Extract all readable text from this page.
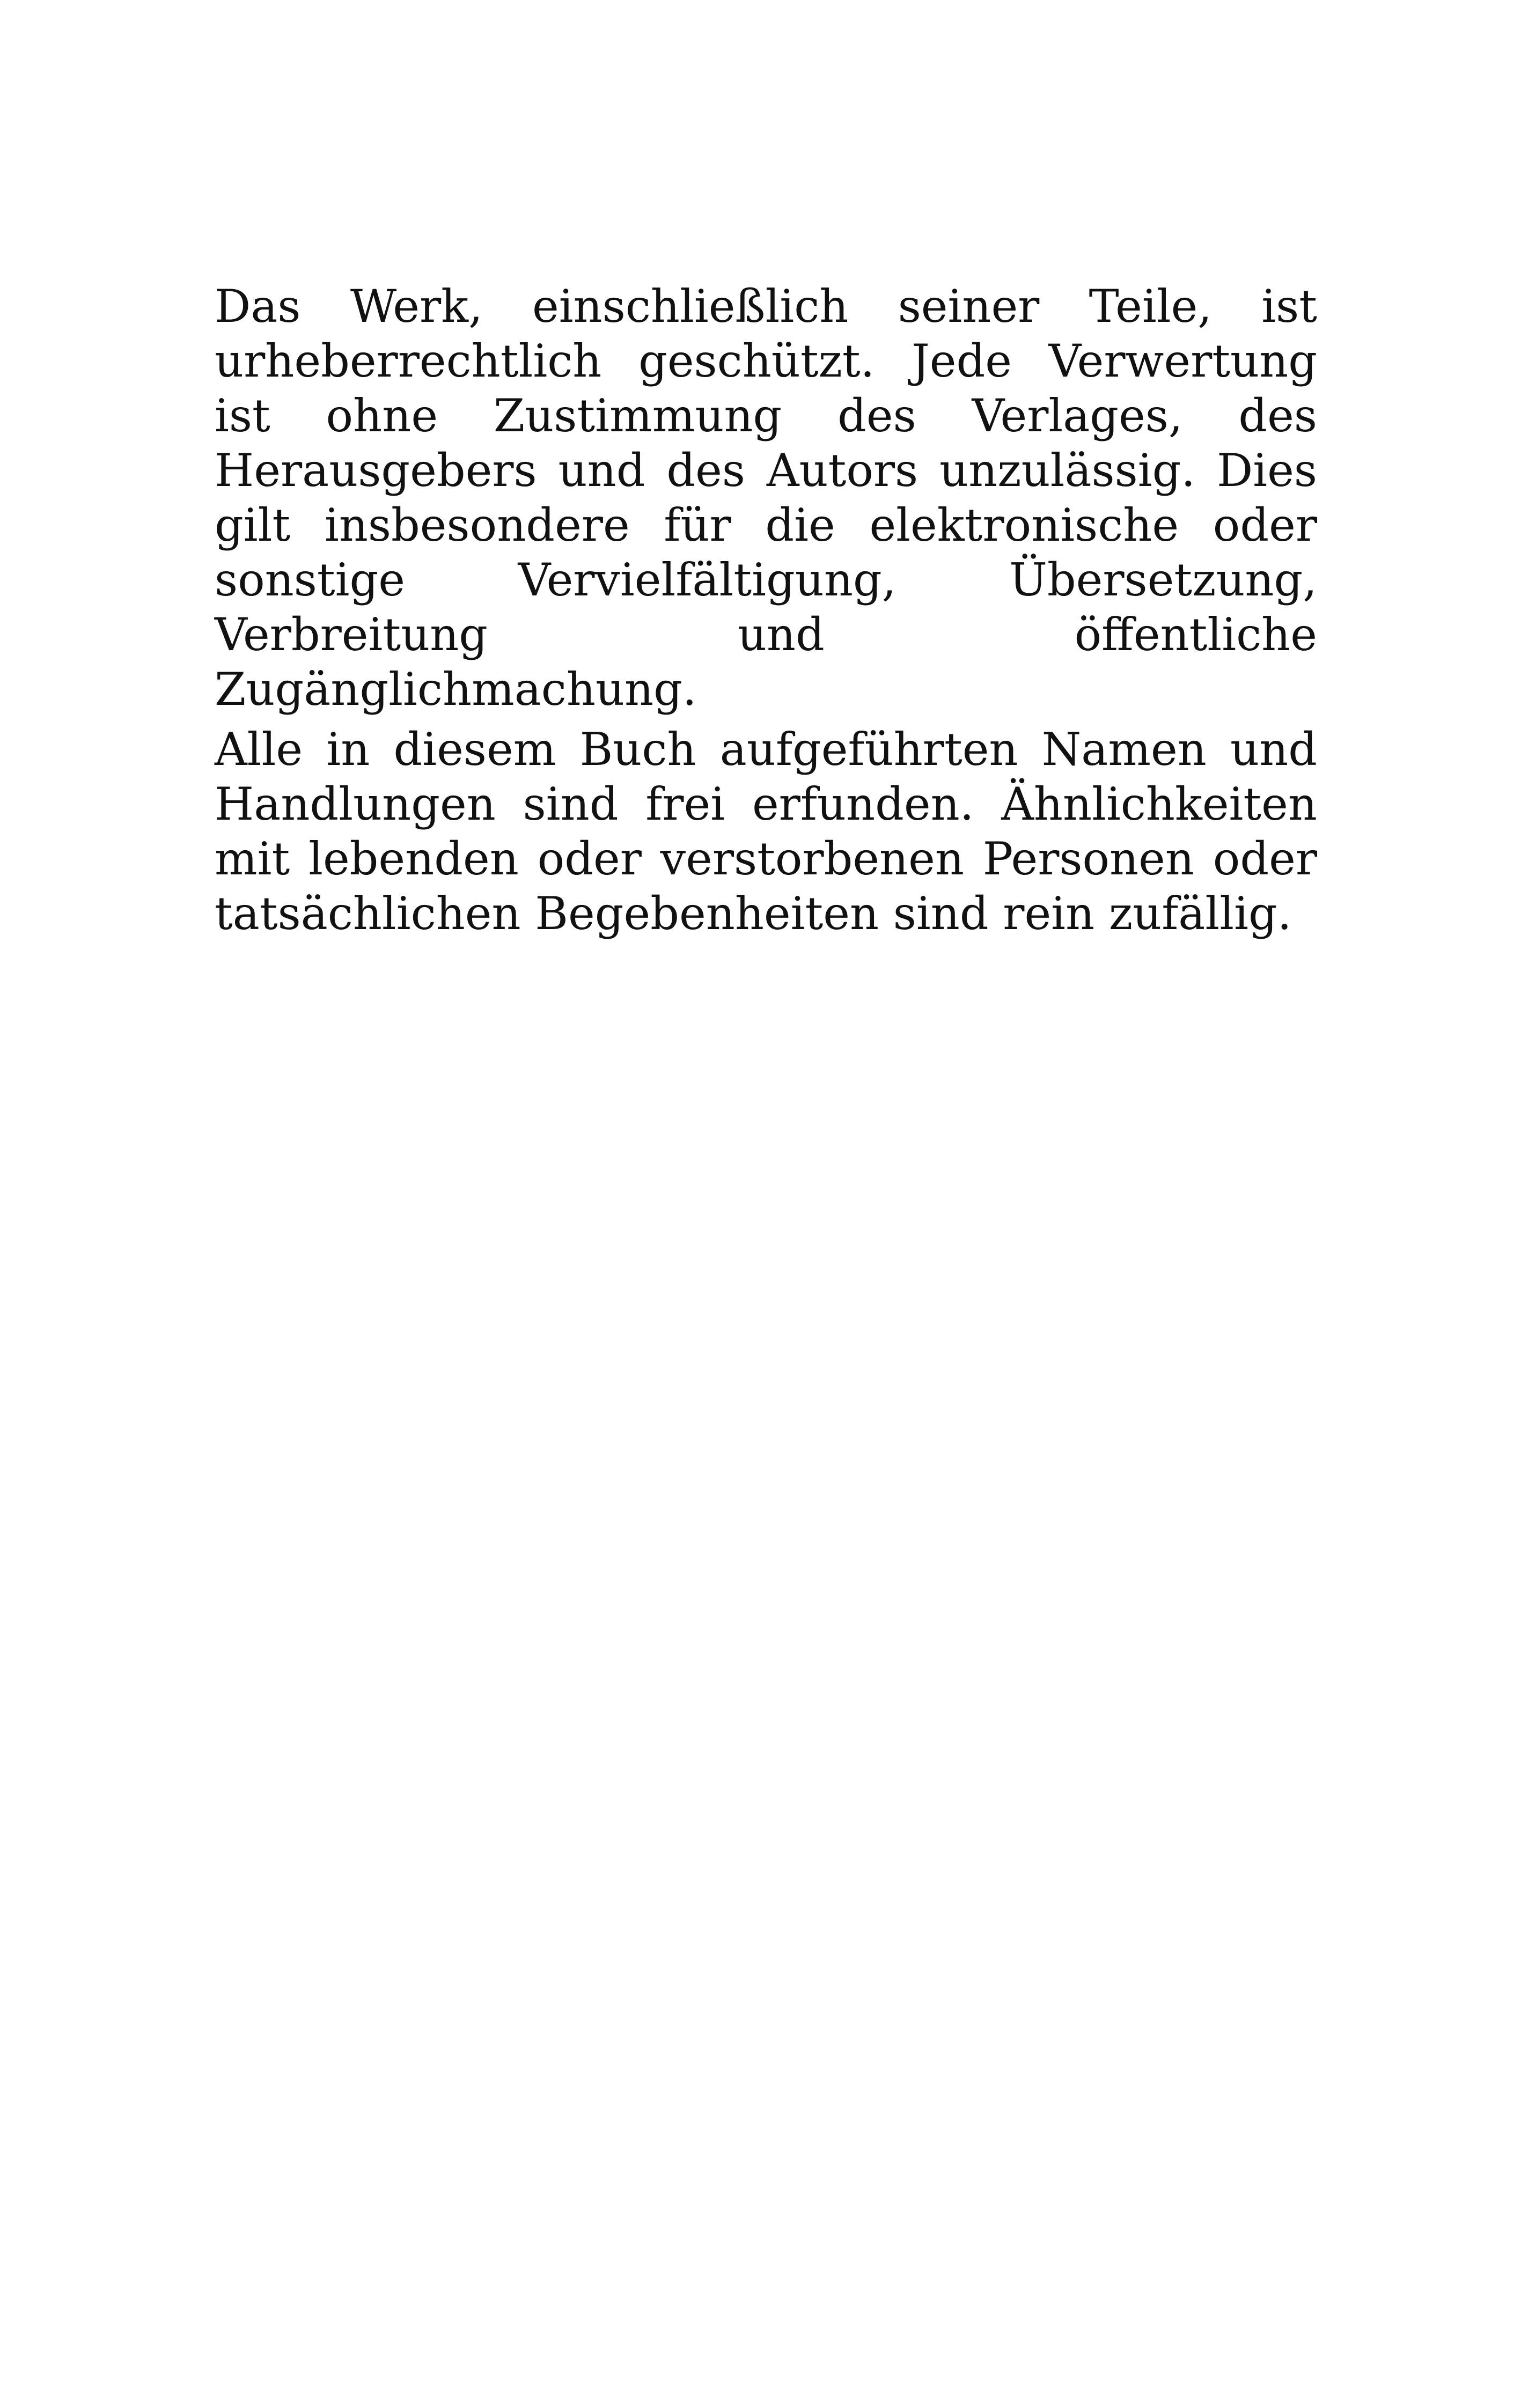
Das Werk, einschließlich seiner Teile, ist urheberrechtlich geschützt. Jede Verwertung ist ohne Zustimmung des Verlages, des Herausgebers und des Autors unzulässig. Dies gilt insbesondere für die elektronische oder sonstige Vervielfältigung, Übersetzung, Verbreitung und öffentliche Zugänglichmachung.

Alle in diesem Buch aufgeführten Namen und Handlungen sind frei erfunden. Ähnlichkeiten mit lebenden oder verstorbenen Personen oder tatsächlichen Begebenheiten sind rein zufällig.
